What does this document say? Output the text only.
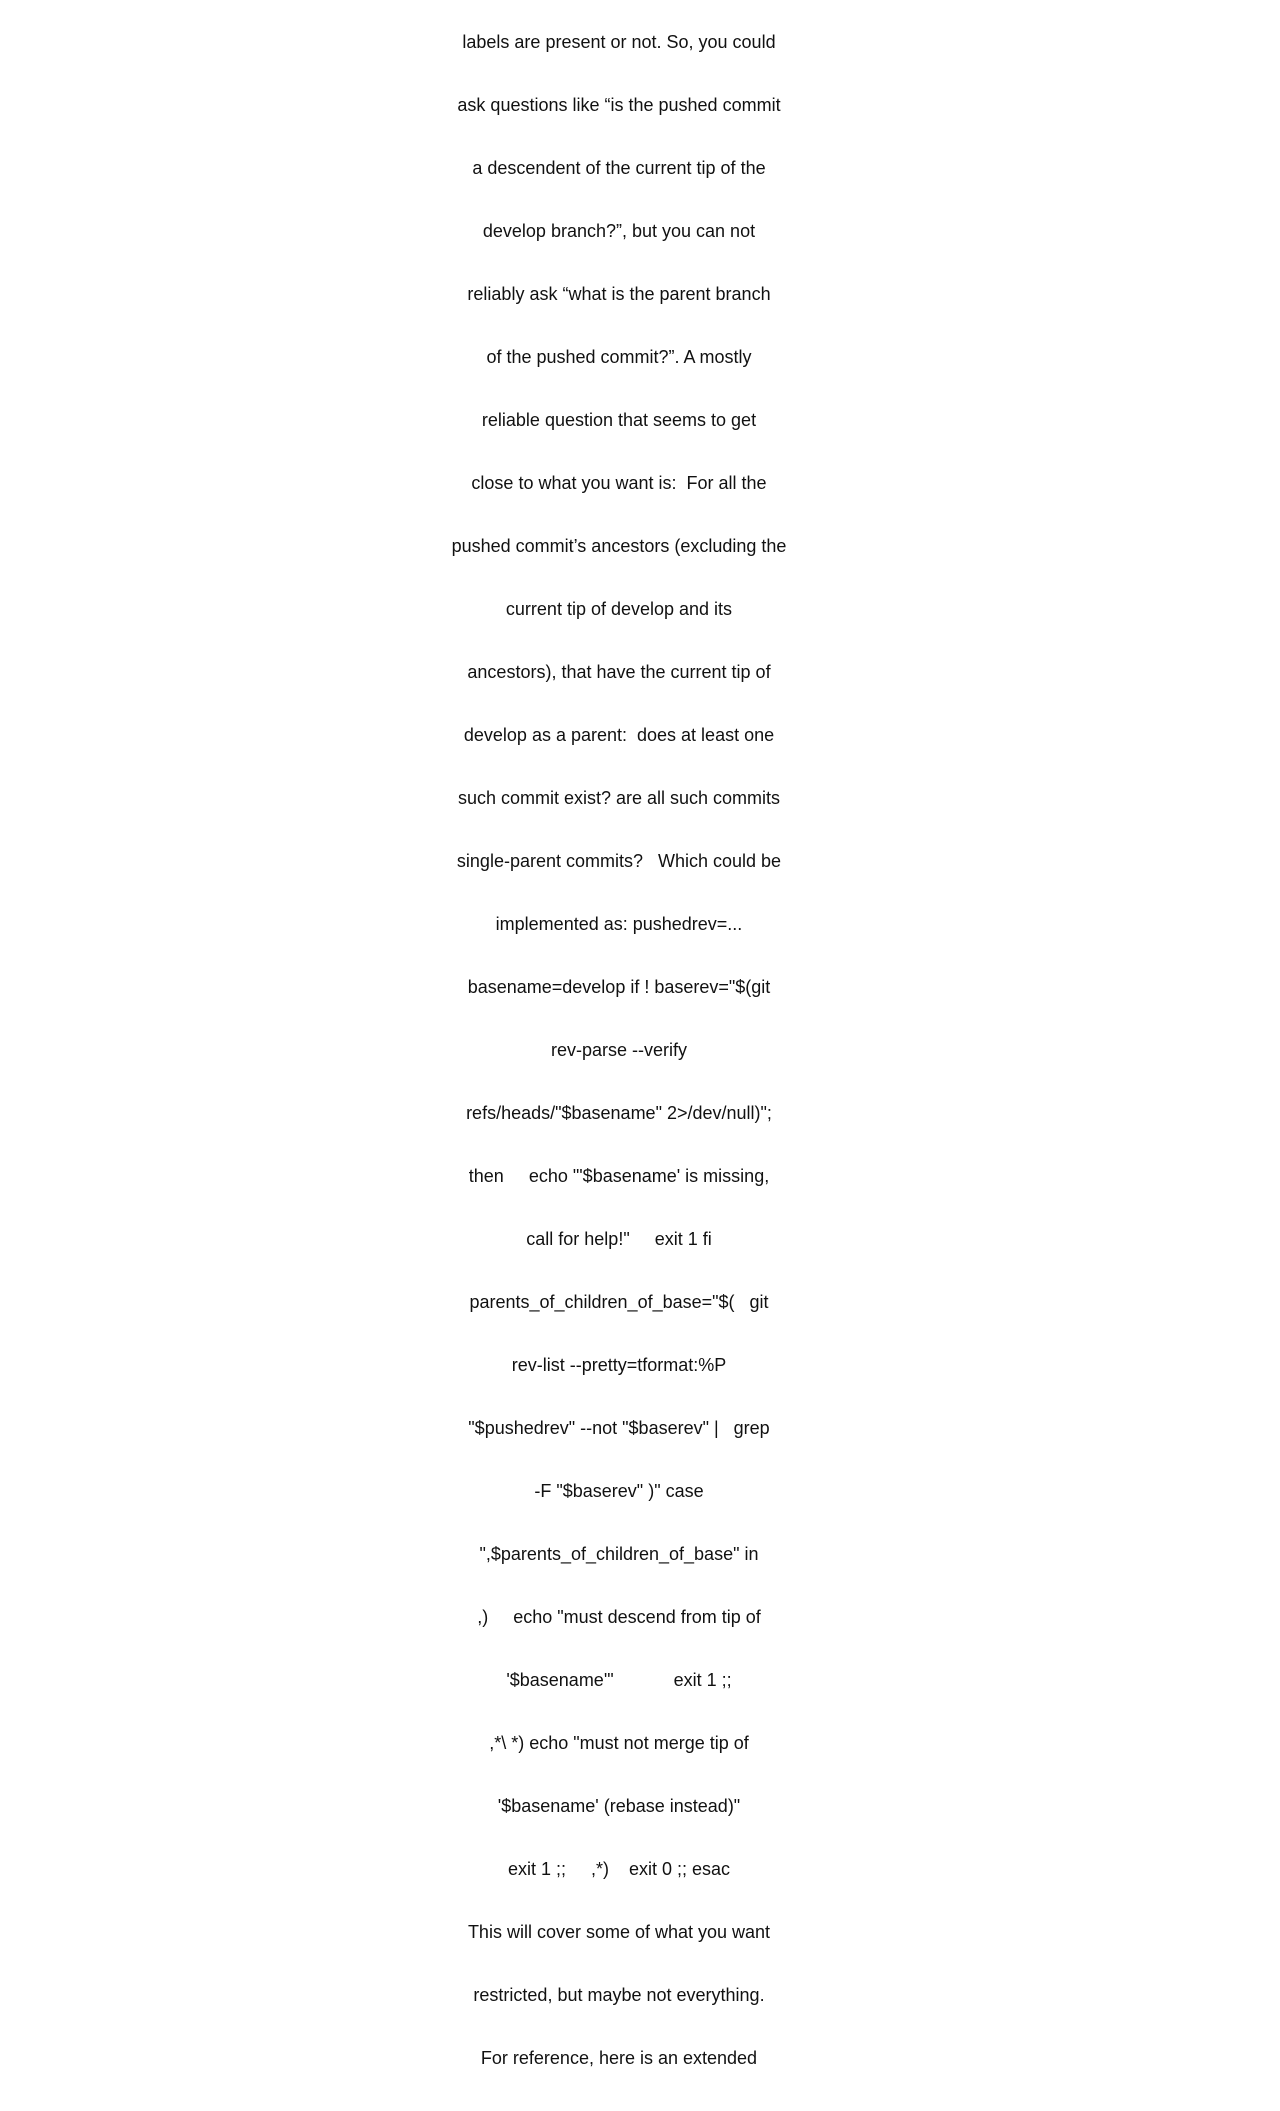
labels are present or not. So, you could

ask questions like “is the pushed commit

a descendent of the current tip of the

develop branch?”, but you can not

reliably ask “what is the parent branch

of the pushed commit?”. A mostly

reliable question that seems to get

close to what you want is:  For all the

pushed commit’s ancestors (excluding the

current tip of develop and its

ancestors), that have the current tip of

develop as a parent:  does at least one

such commit exist? are all such commits

single-parent commits?   Which could be

implemented as: pushedrev=...

basename=develop if ! baserev="$(git

rev-parse --verify

refs/heads/"$basename" 2>/dev/null)";

then     echo "'$basename' is missing,

call for help!"     exit 1 fi

parents_of_children_of_base="$(   git

rev-list --pretty=tformat:%P

"$pushedrev" --not "$baserev" |   grep

-F "$baserev" )" case

",$parents_of_children_of_base" in

,)     echo "must descend from tip of

'$basename'"            exit 1 ;;

,*\ *) echo "must not merge tip of

'$basename' (rebase instead)"

exit 1 ;;     ,*)    exit 0 ;; esac

This will cover some of what you want

restricted, but maybe not everything.

For reference, here is an extended
